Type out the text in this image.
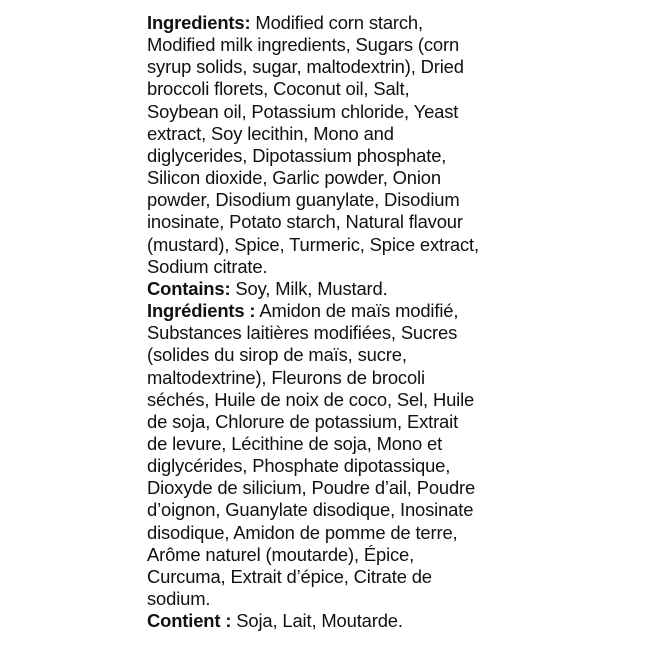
Ingredients: Modified corn starch,
Modified milk ingredients, Sugars (corn
syrup solids, sugar, maltodextrin), Dried
broccoli florets, Coconut oil, Salt,
Soybean oil, Potassium chloride, Yeast
extract, Soy lecithin, Mono and
diglycerides, Dipotassium phosphate,
Silicon dioxide, Garlic powder, Onion
powder, Disodium guanylate, Disodium
inosinate, Potato starch, Natural flavour
(mustard), Spice, Turmeric, Spice extract,
Sodium citrate.
Contains: Soy, Milk, Mustard.
Ingrédients : Amidon de maïs modifié,
Substances laitières modifiées, Sucres
(solides du sirop de maïs, sucre,
maltodextrine), Fleurons de brocoli
séchés, Huile de noix de coco, Sel, Huile
de soja, Chlorure de potassium, Extrait
de levure, Lécithine de soja, Mono et
diglycérides, Phosphate dipotassique,
Dioxyde de silicium, Poudre d’ail, Poudre
d’oignon, Guanylate disodique, Inosinate
disodique, Amidon de pomme de terre,
Arôme naturel (moutarde), Épice,
Curcuma, Extrait d’épice, Citrate de
sodium.
Contient : Soja, Lait, Moutarde.
